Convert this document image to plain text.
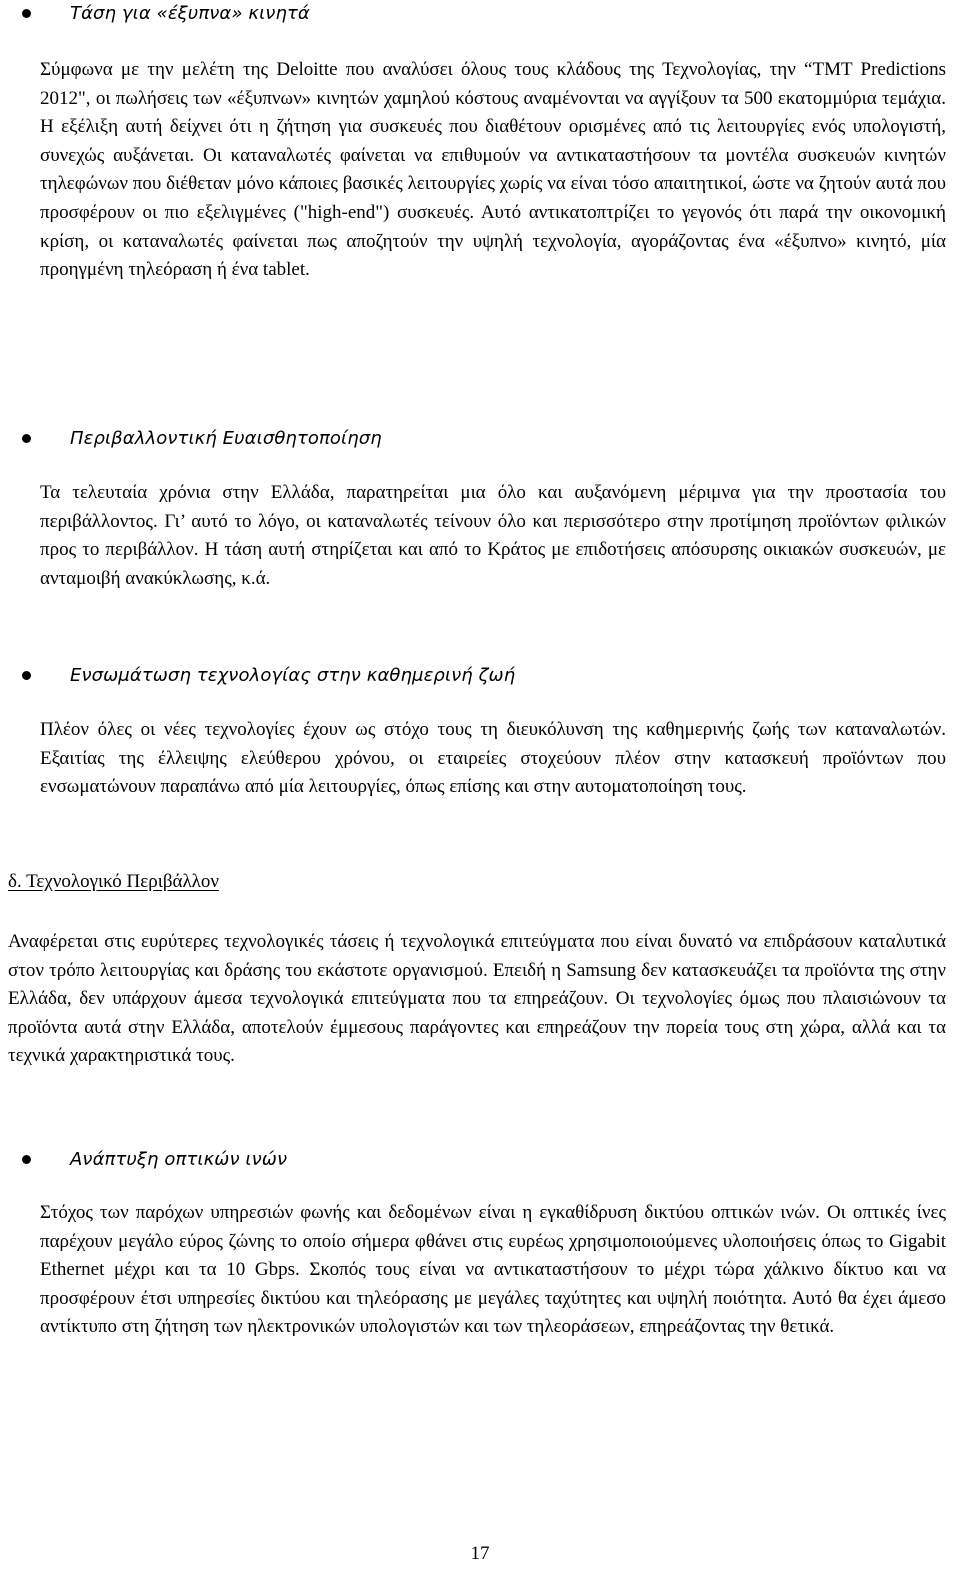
Τάση για «έξυπνα» κινητά
Σύμφωνα με την μελέτη της Deloitte που αναλύσει όλους τους κλάδους της Τεχνολογίας, την “TMT Predictions 2012", οι πωλήσεις των «έξυπνων» κινητών χαμηλού κόστους αναμένονται να αγγίξουν τα 500 εκατομμύρια τεμάχια. Η εξέλιξη αυτή δείχνει ότι η ζήτηση για συσκευές που διαθέτουν ορισμένες από τις λειτουργίες ενός υπολογιστή, συνεχώς αυξάνεται. Οι καταναλωτές φαίνεται να επιθυμούν να αντικαταστήσουν τα μοντέλα συσκευών κινητών τηλεφώνων που διέθεταν μόνο κάποιες βασικές λειτουργίες χωρίς να είναι τόσο απαιτητικοί, ώστε να ζητούν αυτά που προσφέρουν οι πιο εξελιγμένες ("high-end") συσκευές. Αυτό αντικατοπτρίζει το γεγονός ότι παρά την οικονομική κρίση, οι καταναλωτές φαίνεται πως αποζητούν την υψηλή τεχνολογία, αγοράζοντας ένα «έξυπνο» κινητό, μία προηγμένη τηλεόραση ή ένα tablet.
Περιβαλλοντική Ευαισθητοποίηση
Τα τελευταία χρόνια στην Ελλάδα, παρατηρείται μια όλο και αυξανόμενη μέριμνα για την προστασία του περιβάλλοντος. Γι’ αυτό το λόγο, οι καταναλωτές τείνουν όλο και περισσότερο στην προτίμηση προϊόντων φιλικών προς το περιβάλλον. Η τάση αυτή στηρίζεται και από το Κράτος με επιδοτήσεις απόσυρσης οικιακών συσκευών, με ανταμοιβή ανακύκλωσης, κ.ά.
Ενσωμάτωση τεχνολογίας στην καθημερινή ζωή
Πλέον όλες οι νέες τεχνολογίες έχουν ως στόχο τους τη διευκόλυνση της καθημερινής ζωής των καταναλωτών. Εξαιτίας της έλλειψης ελεύθερου χρόνου, οι εταιρείες στοχεύουν πλέον στην κατασκευή προϊόντων που ενσωματώνουν παραπάνω από μία λειτουργίες, όπως επίσης και στην αυτοματοποίηση τους.
δ. Τεχνολογικό Περιβάλλον
Αναφέρεται στις ευρύτερες τεχνολογικές τάσεις ή τεχνολογικά επιτεύγματα που είναι δυνατό να επιδράσουν καταλυτικά στον τρόπο λειτουργίας και δράσης του εκάστοτε οργανισμού. Επειδή η Samsung δεν κατασκευάζει τα προϊόντα της στην Ελλάδα, δεν υπάρχουν άμεσα τεχνολογικά επιτεύγματα που τα επηρεάζουν. Οι τεχνολογίες όμως που πλαισιώνουν τα προϊόντα αυτά στην Ελλάδα, αποτελούν έμμεσους παράγοντες και επηρεάζουν την πορεία τους στη χώρα, αλλά και τα τεχνικά χαρακτηριστικά τους.
Ανάπτυξη οπτικών ινών
Στόχος των παρόχων υπηρεσιών φωνής και δεδομένων είναι η εγκαθίδρυση δικτύου οπτικών ινών. Οι οπτικές ίνες παρέχουν μεγάλο εύρος ζώνης το οποίο σήμερα φθάνει στις ευρέως χρησιμοποιούμενες υλοποιήσεις όπως το Gigabit Ethernet μέχρι και τα 10 Gbps. Σκοπός τους είναι να αντικαταστήσουν το μέχρι τώρα χάλκινο δίκτυο και να προσφέρουν έτσι υπηρεσίες δικτύου και τηλεόρασης με μεγάλες ταχύτητες και υψηλή ποιότητα. Αυτό θα έχει άμεσο αντίκτυπο στη ζήτηση των ηλεκτρονικών υπολογιστών και των τηλεοράσεων, επηρεάζοντας την θετικά.
17
